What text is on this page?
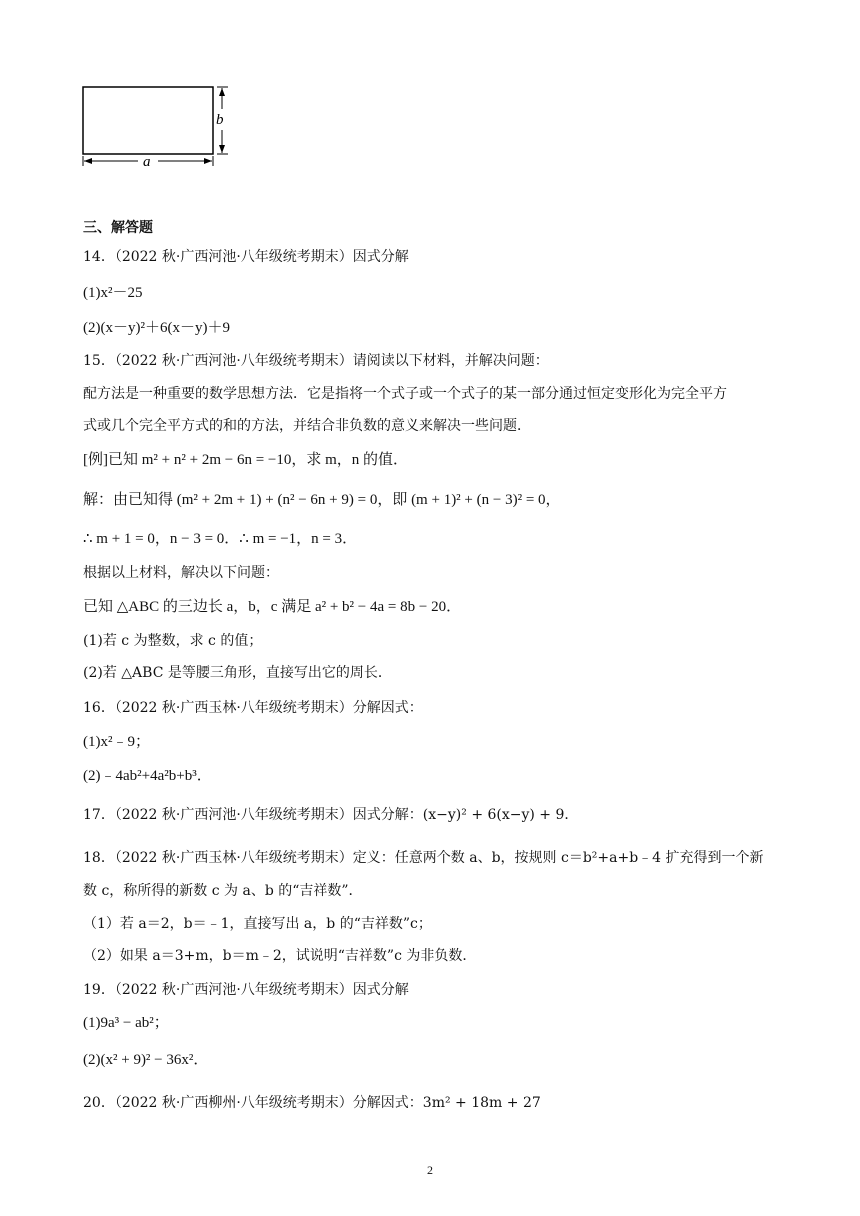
b
a
三、解答题
14．（2022 秋·广西河池·八年级统考期末）因式分解
(1)x²－25
(2)(x－y)²＋6(x－y)＋9
15．（2022 秋·广西河池·八年级统考期末）请阅读以下材料，并解决问题：
配方法是一种重要的数学思想方法．它是指将一个式子或一个式子的某一部分通过恒定变形化为完全平方
式或几个完全平方式的和的方法，并结合非负数的意义来解决一些问题．
[例]已知 m² + n² + 2m − 6n = −10，求 m，n 的值．
解：由已知得 (m² + 2m + 1) + (n² − 6n + 9) = 0，即 (m + 1)² + (n − 3)² = 0，
∴ m + 1 = 0，n − 3 = 0．∴ m = −1，n = 3．
根据以上材料，解决以下问题：
已知 △ABC 的三边长 a，b，c 满足 a² + b² − 4a = 8b − 20．
(1)若 c 为整数，求 c 的值；
(2)若 △ABC 是等腰三角形，直接写出它的周长．
16．（2022 秋·广西玉林·八年级统考期末）分解因式：
(1)x²﹣9；
(2)﹣4ab²+4a²b+b³．
17．（2022 秋·广西河池·八年级统考期末）因式分解：(x−y)² + 6(x−y) + 9．
18．（2022 秋·广西玉林·八年级统考期末）定义：任意两个数 a、b，按规则 c＝b²+a+b﹣4 扩充得到一个新
数 c，称所得的新数 c 为 a、b 的“吉祥数”．
（1）若 a＝2，b＝﹣1，直接写出 a，b 的“吉祥数”c；
（2）如果 a＝3+m，b＝m﹣2，试说明“吉祥数”c 为非负数．
19．（2022 秋·广西河池·八年级统考期末）因式分解
(1)9a³ − ab²；
(2)(x² + 9)² − 36x²．
20．（2022 秋·广西柳州·八年级统考期末）分解因式：3m² + 18m + 27
2
